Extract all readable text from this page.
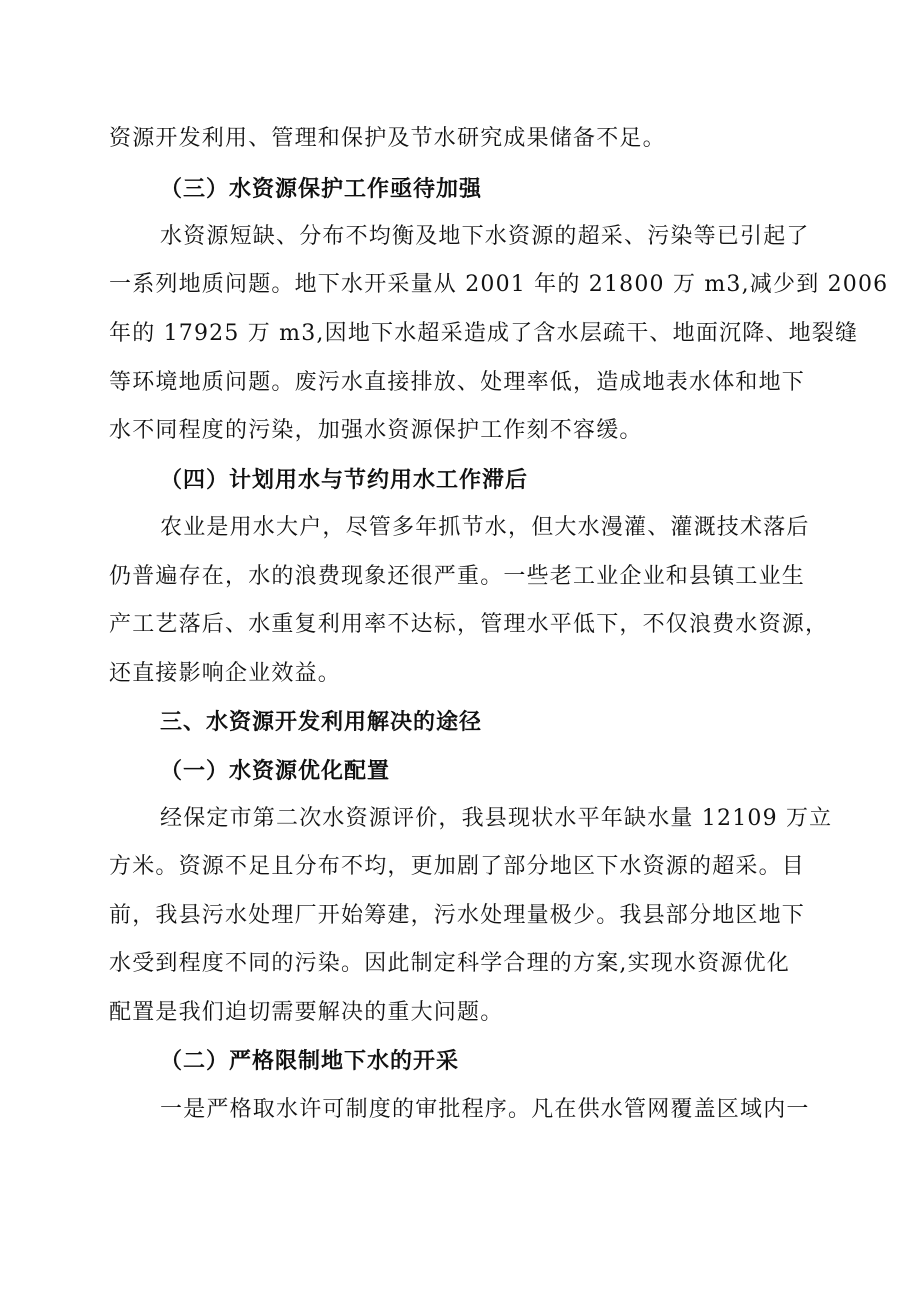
资源开发利用、管理和保护及节水研究成果储备不足。
（三）水资源保护工作亟待加强
水资源短缺、分布不均衡及地下水资源的超采、污染等已引起了
一系列地质问题。地下水开采量从 2001 年的 21800 万 m3,减少到 2006
年的 17925 万 m3,因地下水超采造成了含水层疏干、地面沉降、地裂缝
等环境地质问题。废污水直接排放、处理率低，造成地表水体和地下
水不同程度的污染，加强水资源保护工作刻不容缓。
（四）计划用水与节约用水工作滞后
农业是用水大户，尽管多年抓节水，但大水漫灌、灌溉技术落后
仍普遍存在，水的浪费现象还很严重。一些老工业企业和县镇工业生
产工艺落后、水重复利用率不达标，管理水平低下，不仅浪费水资源，
还直接影响企业效益。
三、水资源开发利用解决的途径
（一）水资源优化配置
经保定市第二次水资源评价，我县现状水平年缺水量 12109 万立
方米。资源不足且分布不均，更加剧了部分地区下水资源的超采。目
前，我县污水处理厂开始筹建，污水处理量极少。我县部分地区地下
水受到程度不同的污染。因此制定科学合理的方案,实现水资源优化
配置是我们迫切需要解决的重大问题。
（二）严格限制地下水的开采
一是严格取水许可制度的审批程序。凡在供水管网覆盖区域内一
